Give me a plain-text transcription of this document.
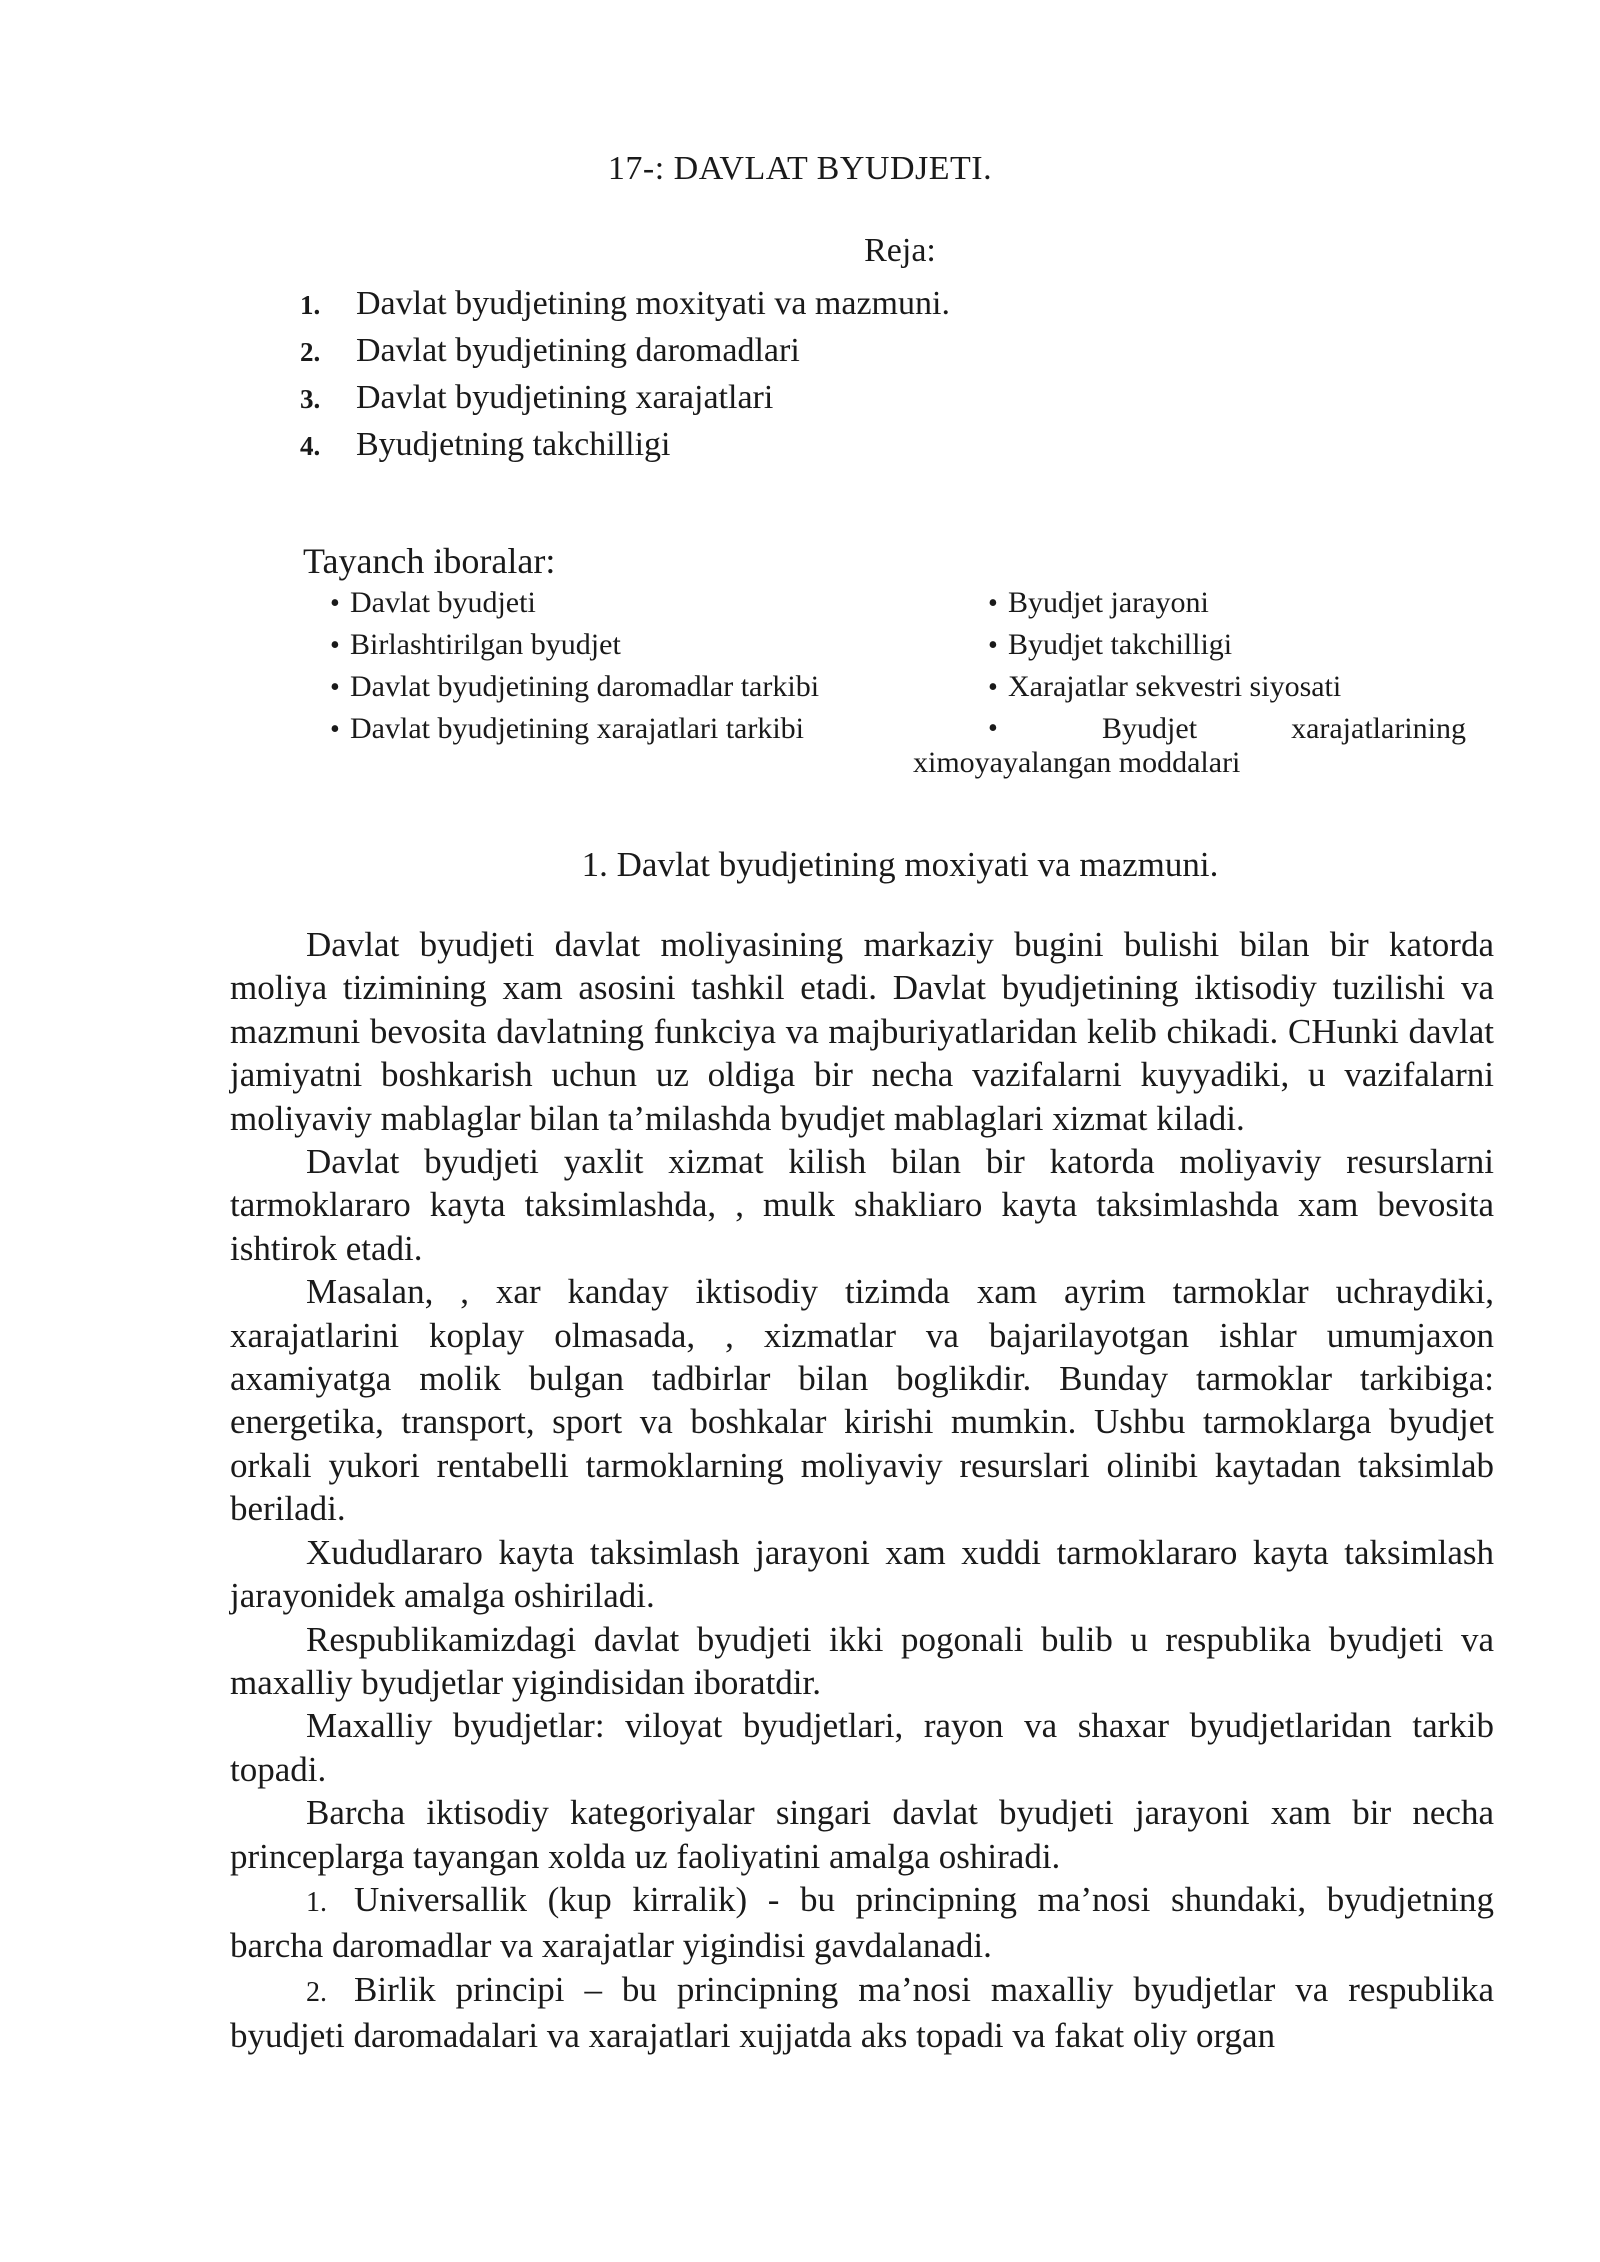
17-: DAVLAT BYUDJETI.
Reja:
1. Davlat byudjetining moxityati va mazmuni.
2. Davlat byudjetining daromadlari
3. Davlat byudjetining xarajatlari
4. Byudjetning takchilligi
Tayanch iboralar:
• Davlat byudjeti
• Birlashtirilgan byudjet
• Davlat byudjetining daromadlar tarkibi
• Davlat byudjetining xarajatlari tarkibi
• Byudjet jarayoni
• Byudjet takchilligi
• Xarajatlar sekvestri siyosati
• Byudjet	xarajatlarining
ximoyayalangan moddalari
1. Davlat byudjetining moxiyati va mazmuni.

Davlat byudjeti davlat moliyasining markaziy bugini bulishi bilan bir katorda moliya tizimining xam asosini tashkil etadi. Davlat byudjetining iktisodiy tuzilishi va mazmuni bevosita davlatning funkciya va majburiyatlaridan kelib chikadi. CHunki davlat jamiyatni boshkarish uchun uz oldiga bir necha vazifalarni kuyyadiki, u vazifalarni moliyaviy mablaglar bilan ta’milashda byudjet mablaglari xizmat kiladi.

Davlat byudjeti yaxlit xizmat kilish bilan bir katorda moliyaviy resurslarni tarmoklararo kayta taksimlashda, , mulk shakliaro kayta taksimlashda xam bevosita ishtirok etadi.

Masalan, , xar kanday iktisodiy tizimda xam ayrim tarmoklar uchraydiki, xarajatlarini koplay olmasada, , xizmatlar va bajarilayotgan ishlar umumjaxon axamiyatga molik bulgan tadbirlar bilan boglikdir. Bunday tarmoklar tarkibiga: energetika, transport, sport va boshkalar kirishi mumkin. Ushbu tarmoklarga byudjet orkali yukori rentabelli tarmoklarning moliyaviy resurslari olinibi kaytadan taksimlab beriladi.

Xududlararo kayta taksimlash jarayoni xam xuddi tarmoklararo kayta taksimlash jarayonidek amalga oshiriladi.

Respublikamizdagi davlat byudjeti ikki pogonali bulib u respublika byudjeti va maxalliy byudjetlar yigindisidan iboratdir.

Maxalliy byudjetlar: viloyat byudjetlari, rayon va shaxar byudjetlaridan tarkib topadi.

Barcha iktisodiy kategoriyalar singari davlat byudjeti jarayoni xam bir necha princeplarga tayangan xolda uz faoliyatini amalga oshiradi.

1. Universallik (kup kirralik) - bu principning ma’nosi shundaki, byudjetning barcha daromadlar va xarajatlar yigindisi gavdalanadi.

2. Birlik principi – bu principning ma’nosi maxalliy byudjetlar va respublika byudjeti daromadalari va xarajatlari xujjatda aks topadi va fakat oliy organ
